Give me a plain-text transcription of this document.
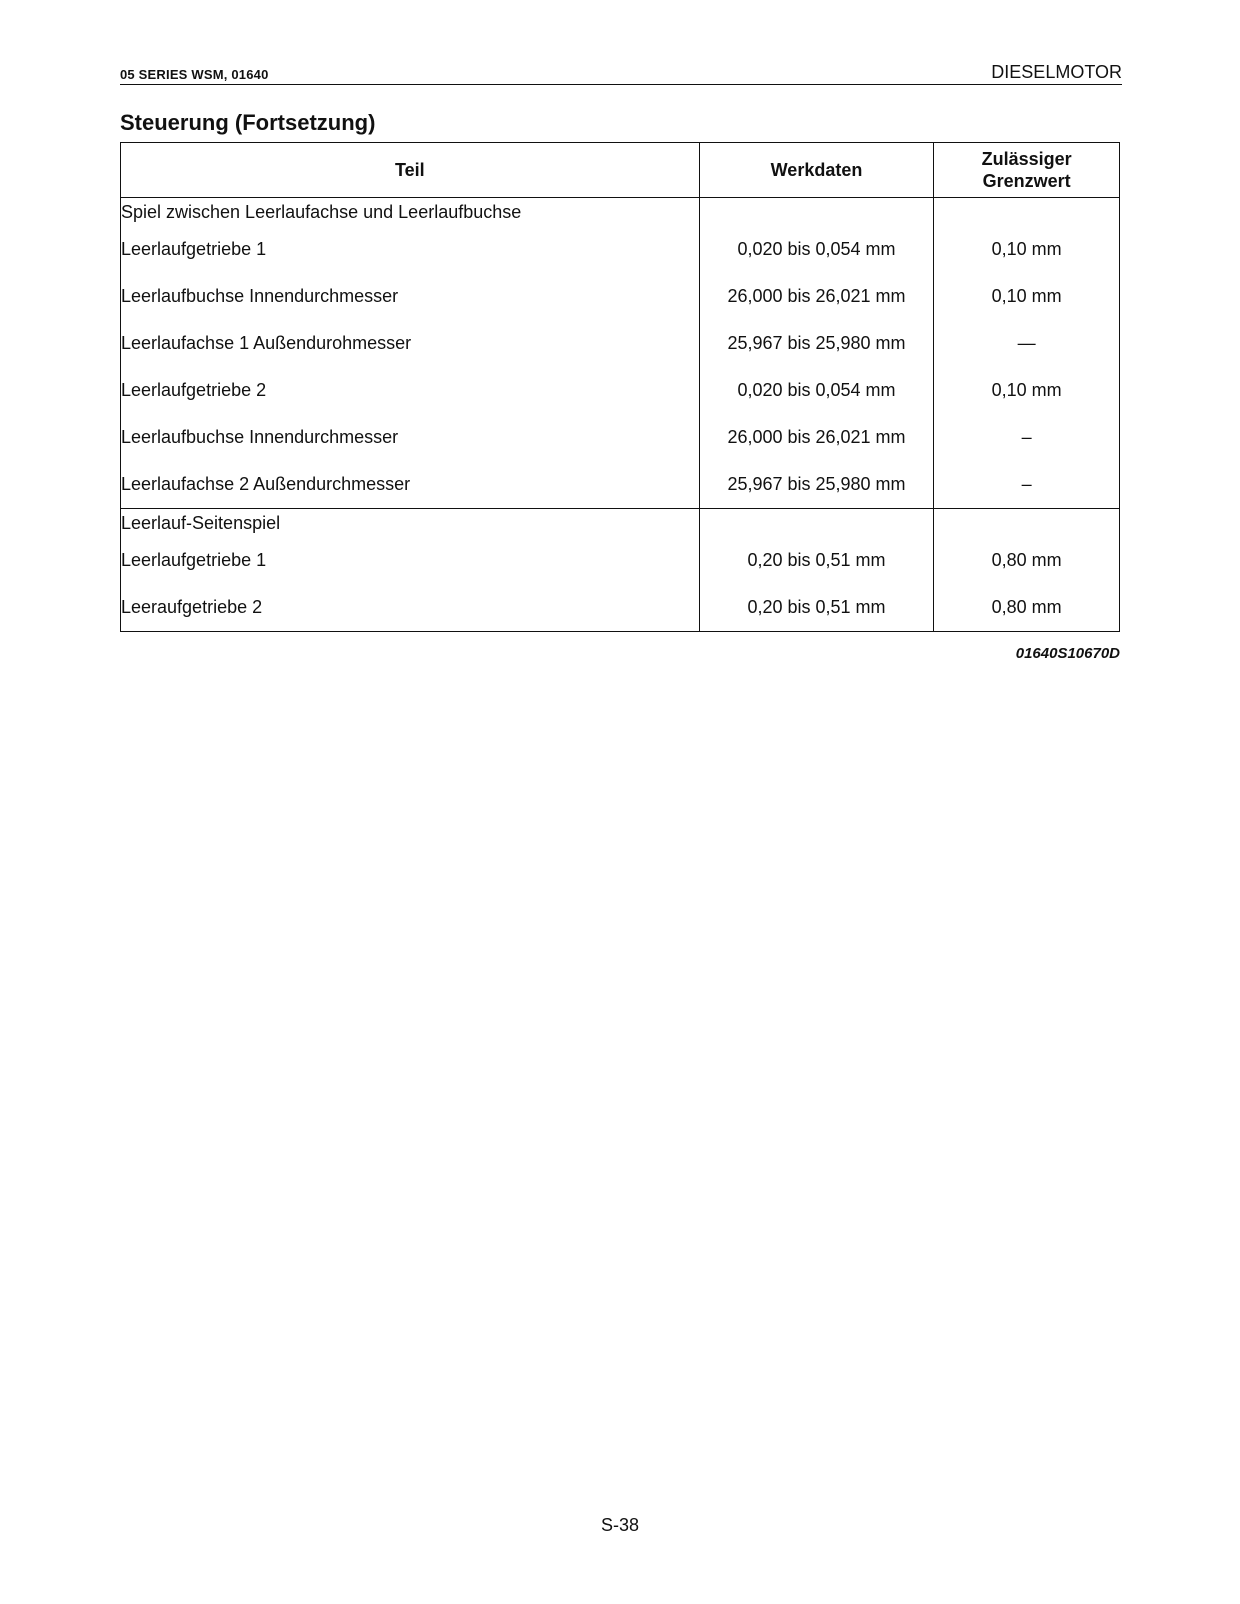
05 SERIES WSM, 01640	DIESELMOTOR
Steuerung (Fortsetzung)
Teil	Werkdaten	Zulässiger
Grenzwert
Spiel zwischen Leerlaufachse und Leerlaufbuchse		
Leerlaufgetriebe 1	0,020 bis 0,054 mm	0,10 mm
Leerlaufbuchse Innendurchmesser	26,000 bis 26,021 mm	0,10 mm
Leerlaufachse 1 Außendurohmesser	25,967 bis 25,980 mm	—
Leerlaufgetriebe 2	0,020 bis 0,054 mm	0,10 mm
Leerlaufbuchse Innendurchmesser	26,000 bis 26,021 mm	–
Leerlaufachse 2 Außendurchmesser	25,967 bis 25,980 mm	–
Leerlauf-Seitenspiel		
Leerlaufgetriebe 1	0,20 bis 0,51 mm	0,80 mm
Leeraufgetriebe 2	0,20 bis 0,51 mm	0,80 mm
01640S10670D
S-38
